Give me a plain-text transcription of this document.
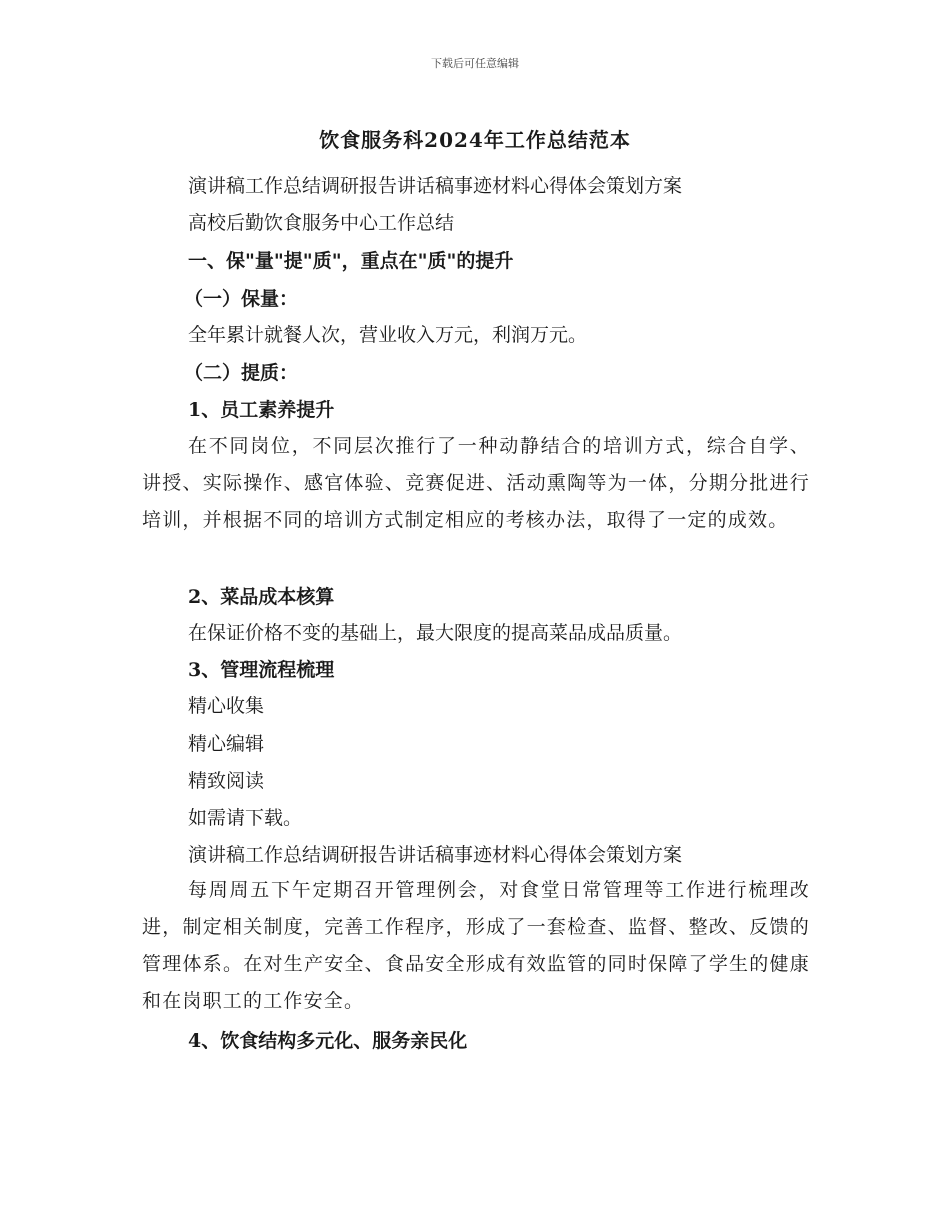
下载后可任意编辑
饮食服务科2024年工作总结范本
演讲稿工作总结调研报告讲话稿事迹材料心得体会策划方案
高校后勤饮食服务中心工作总结
一、保"量"提"质"，重点在"质"的提升
（一）保量：
全年累计就餐人次，营业收入万元，利润万元。
（二）提质：
1、员工素养提升
在不同岗位，不同层次推行了一种动静结合的培训方式，综合自学、讲授、实际操作、感官体验、竞赛促进、活动熏陶等为一体，分期分批进行培训，并根据不同的培训方式制定相应的考核办法，取得了一定的成效。
2、菜品成本核算
在保证价格不变的基础上，最大限度的提高菜品成品质量。
3、管理流程梳理
精心收集
精心编辑
精致阅读
如需请下载。
演讲稿工作总结调研报告讲话稿事迹材料心得体会策划方案
每周周五下午定期召开管理例会，对食堂日常管理等工作进行梳理改进，制定相关制度，完善工作程序，形成了一套检查、监督、整改、反馈的管理体系。在对生产安全、食品安全形成有效监管的同时保障了学生的健康和在岗职工的工作安全。
4、饮食结构多元化、服务亲民化
